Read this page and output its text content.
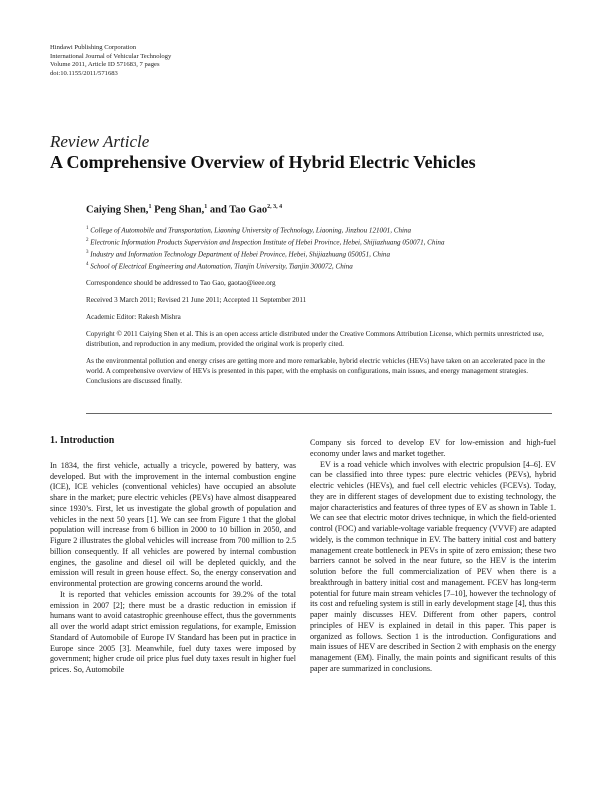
Hindawi Publishing Corporation
International Journal of Vehicular Technology
Volume 2011, Article ID 571683, 7 pages
doi:10.1155/2011/571683
Review Article
A Comprehensive Overview of Hybrid Electric Vehicles
Caiying Shen,$^1$ Peng Shan,$^1$ and Tao Gao$^{2, 3, 4}$
$^1$ College of Automobile and Transportation, Liaoning University of Technology, Liaoning, Jinzhou 121001, China
$^2$ Electronic Information Products Supervision and Inspection Institute of Hebei Province, Hebei, Shijiazhuang 050071, China
$^3$ Industry and Information Technology Department of Hebei Province, Hebei, Shijiazhuang 050051, China
$^4$ School of Electrical Engineering and Automation, Tianjin University, Tianjin 300072, China
Correspondence should be addressed to Tao Gao, gaotao@ieee.org
Received 3 March 2011; Revised 21 June 2011; Accepted 11 September 2011
Academic Editor: Rakesh Mishra
Copyright © 2011 Caiying Shen et al. This is an open access article distributed under the Creative Commons Attribution License, which permits unrestricted use, distribution, and reproduction in any medium, provided the original work is properly cited.
As the environmental pollution and energy crises are getting more and more remarkable, hybrid electric vehicles (HEVs) have taken on an accelerated pace in the world. A comprehensive overview of HEVs is presented in this paper, with the emphasis on configurations, main issues, and energy management strategies. Conclusions are discussed finally.
1. Introduction

In 1834, the first vehicle, actually a tricycle, powered by battery, was developed. But with the improvement in the internal combustion engine (ICE), ICE vehicles (conventional vehicles) have occupied an absolute share in the market; pure electric vehicles (PEVs) have almost disappeared since 1930’s. First, let us investigate the global growth of population and vehicles in the next 50 years [1]. We can see from Figure 1 that the global population will increase from 6 billion in 2000 to 10 billion in 2050, and Figure 2 illustrates the global vehicles will increase from 700 million to 2.5 billion consequently. If all vehicles are powered by internal combustion engines, the gasoline and diesel oil will be depleted quickly, and the emission will result in green house effect. So, the energy conservation and environmental protection are growing concerns around the world.

It is reported that vehicles emission accounts for 39.2% of the total emission in 2007 [2]; there must be a drastic reduction in emission if humans want to avoid catastrophic greenhouse effect, thus the governments all over the world adapt strict emission regulations, for example, Emission Standard of Automobile of Europe IV Standard has been put in practice in Europe since 2005 [3]. Meanwhile, fuel duty taxes were imposed by government; higher crude oil price plus fuel duty taxes result in higher fuel prices. So, Automobile

Company sis forced to develop EV for low-emission and high-fuel economy under laws and market together.

EV is a road vehicle which involves with electric propulsion [4–6]. EV can be classified into three types: pure electric vehicles (PEVs), hybrid electric vehicles (HEVs), and fuel cell electric vehicles (FCEVs). Today, they are in different stages of development due to existing technology, the major characteristics and features of three types of EV as shown in Table 1. We can see that electric motor drives technique, in which the field-oriented control (FOC) and variable-voltage variable frequency (VVVF) are adapted widely, is the common technique in EV. The battery initial cost and battery management create bottleneck in PEVs in spite of zero emission; these two barriers cannot be solved in the near future, so the HEV is the interim solution before the full commercialization of PEV when there is a breakthrough in battery initial cost and management. FCEV has long-term potential for future main stream vehicles [7–10], however the technology of its cost and refueling system is still in early development stage [4], thus this paper mainly discusses HEV. Different from other papers, control principles of HEV is explained in detail in this paper. This paper is organized as follows. Section 1 is the introduction. Configurations and main issues of HEV are described in Section 2 with emphasis on the energy management (EM). Finally, the main points and significant results of this paper are summarized in conclusions.
